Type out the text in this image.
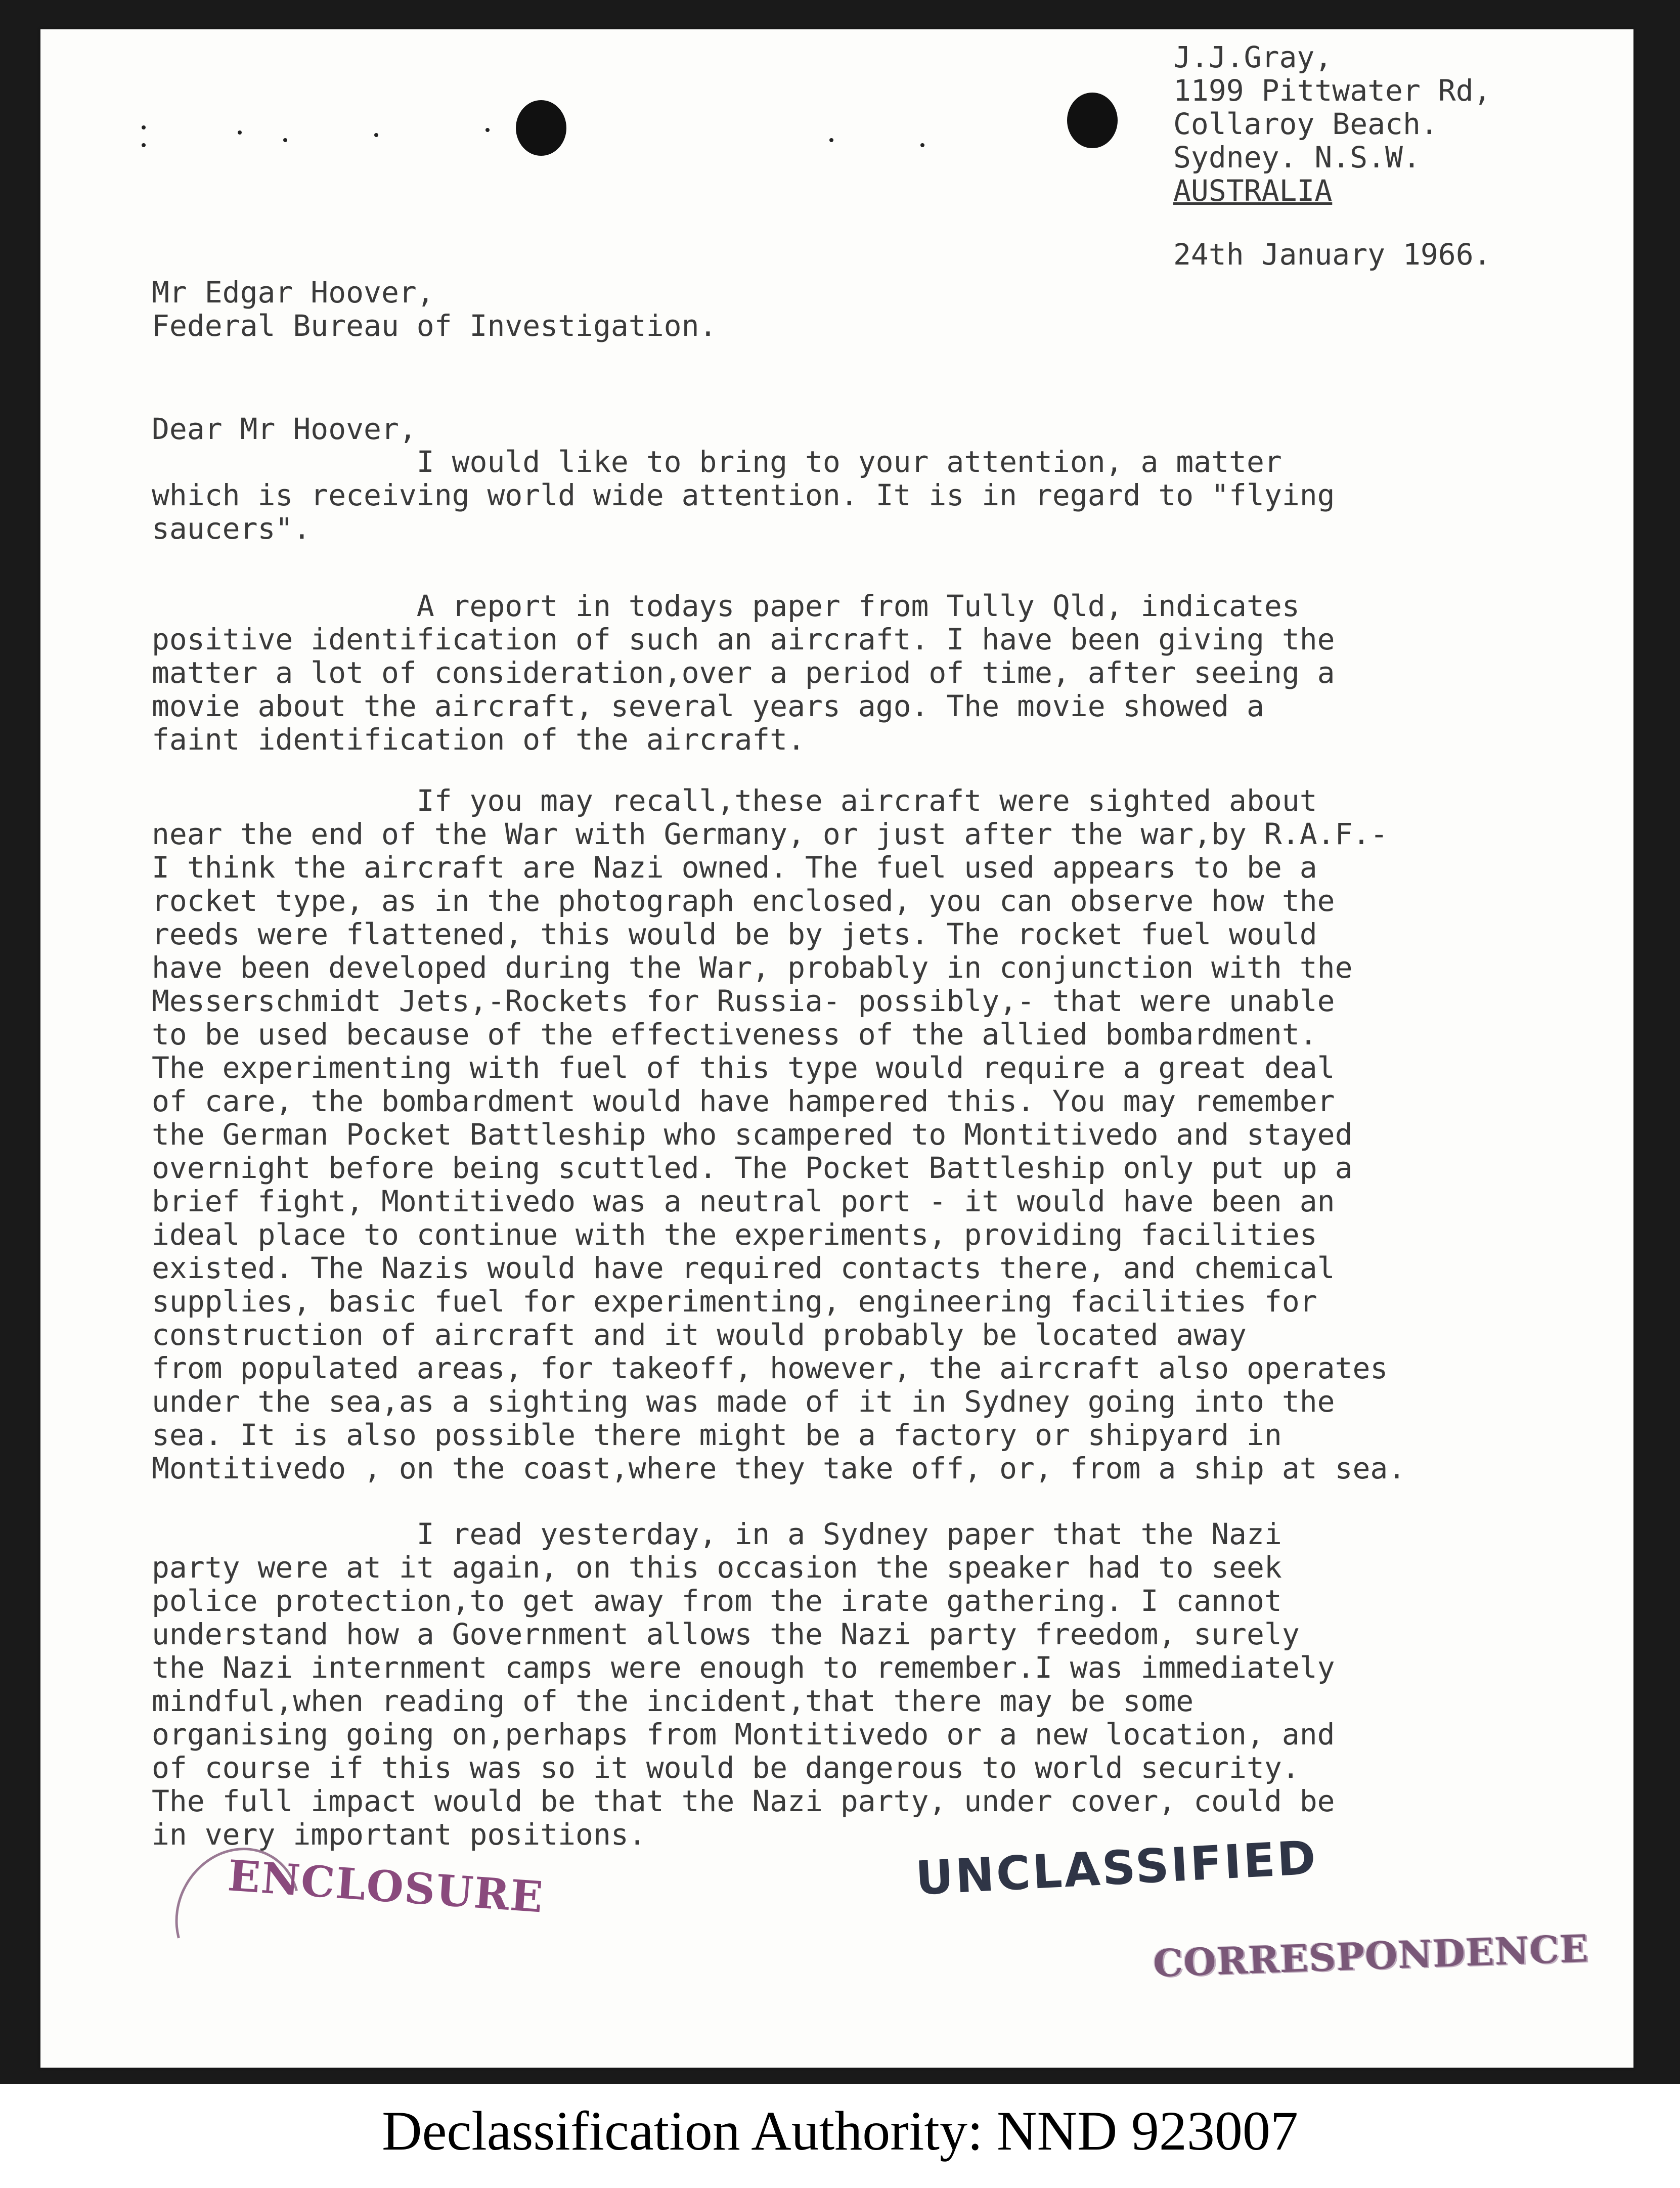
J.J.Gray,
1199 Pittwater Rd,
Collaroy Beach.
Sydney. N.S.W.
AUSTRALIA
24th January 1966.
Mr Edgar Hoover,
Federal Bureau of Investigation.
Dear Mr Hoover,
I would like to bring to your attention, a matter
which is receiving world wide attention. It is in regard to "flying
saucers".
A report in todays paper from Tully Qld, indicates
positive identification of such an aircraft. I have been giving the
matter a lot of consideration,over a period of time, after seeing a
movie about the aircraft, several years ago. The movie showed a
faint identification of the aircraft.
If you may recall,these aircraft were sighted about
near the end of the War with Germany, or just after the war,by R.A.F.-
I think the aircraft are Nazi owned. The fuel used appears to be a
rocket type, as in the photograph enclosed, you can observe how the
reeds were flattened, this would be by jets. The rocket fuel would
have been developed during the War, probably in conjunction with the
Messerschmidt Jets,-Rockets for Russia- possibly,- that were unable
to be used because of the effectiveness of the allied bombardment.
The experimenting with fuel of this type would require a great deal
of care, the bombardment would have hampered this. You may remember
the German Pocket Battleship who scampered to Montitivedo and stayed
overnight before being scuttled. The Pocket Battleship only put up a
brief fight, Montitivedo was a neutral port - it would have been an
ideal place to continue with the experiments, providing facilities
existed. The Nazis would have required contacts there, and chemical
supplies, basic fuel for experimenting, engineering facilities for
construction of aircraft and it would probably be located away
from populated areas, for takeoff, however, the aircraft also operates
under the sea,as a sighting was made of it in Sydney going into the
sea. It is also possible there might be a factory or shipyard in
Montitivedo , on the coast,where they take off, or, from a ship at sea.
I read yesterday, in a Sydney paper that the Nazi
party were at it again, on this occasion the speaker had to seek
police protection,to get away from the irate gathering. I cannot
understand how a Government allows the Nazi party freedom, surely
the Nazi internment camps were enough to remember.I was immediately
mindful,when reading of the incident,that there may be some
organising going on,perhaps from Montitivedo or a new location, and
of course if this was so it would be dangerous to world security.
The full impact would be that the Nazi party, under cover, could be
in very important positions.
ENCLOSURE	UNCLASSIFIED
CORRESPONDENCE
Declassification Authority: NND 923007
